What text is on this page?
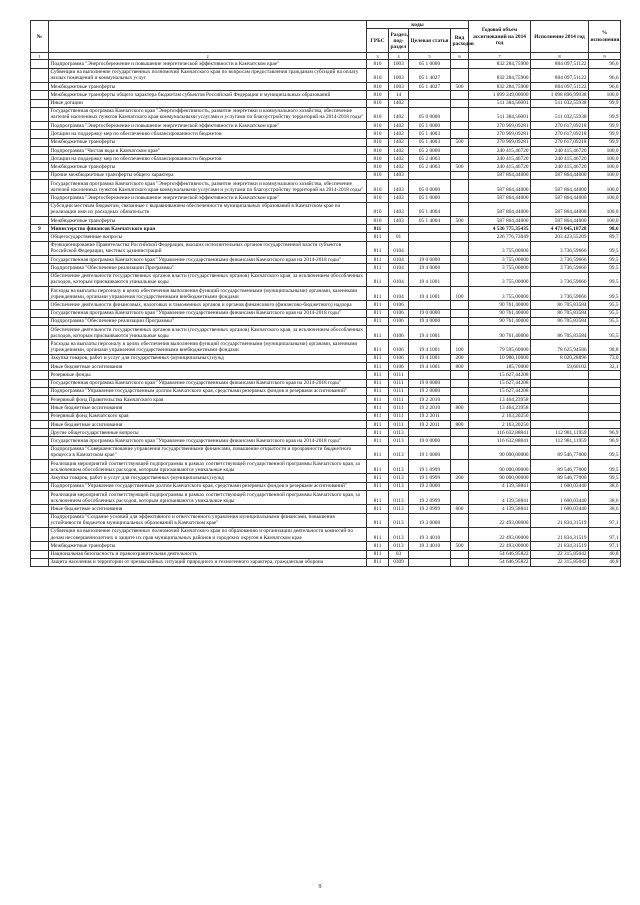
№		коды				Годовой объем ассигнований на 2014 год	Исполнение 2014 год	% исполнения
		ГРБС	Раздел, под-раздел	Целевая статья	Вид расходов			
1	2	3	4	5	6	7	8	9
	Подпрограмма "Энергосбережение и повышение энергетической эффективности в Камчатском крае"	810	1003	05 1 0000		832 284,75900	804 097,51122	96,6
	Субвенции на выполнение государственных полномочий Камчатского края по вопросам предоставления гражданам субсидий на оплату жилых помещений и коммунальных услуг	810	1003	05 1 4027		832 284,75900	804 097,51122	96,6
	Межбюджетные трансферты	810	1003	05 1 4027	500	832 284,75900	804 097,51122	96,6
	Межбюджетные трансферты общего характера бюджетам субъектов Российской Федерации и муниципальных образований	810	14			1 099 249,00000	1 098 896,99938	100,0
	Иные дотации	810	1402			511 384,56001	511 032,55938	99,9
	Государственная программа Камчатского края "Энергоэффективность, развитие энергетики и коммунального хозяйства, обеспечение жителей населенных пунктов Камчатского края коммунальными услугами и услугами по благоустройству территорий на 2014-2018 годы"	810	1402	05 0 0000		511 384,56001	511 032,55938	99,9
	Подпрограмма "Энергосбережение и повышение энергетической эффективности в Камчатском крае"	810	1402	05 1 0000		270 969,09281	270 617,09218	99,9
	Дотации на поддержку мер по обеспечению сбалансированности бюджетов	810	1402	05 1 4003		270 969,09281	270 617,09218	99,9
	Межбюджетные трансферты	810	1402	05 1 4003	500	270 969,09281	270 617,09218	99,9
	Подпрограмма "Чистая вода в Камчатском крае"	810	1402	05 2 0000		240 415,46720	240 415,46720	100,0
	Дотации на поддержку мер по обеспечению сбалансированности бюджетов	810	1402	05 2 4003		240 415,46720	240 415,46720	100,0
	Межбюджетные трансферты	810	1402	05 2 4003	500	240 415,46720	240 415,46720	100,0
	Прочие межбюджетные трансферты общего характера	810	1403			587 864,44000	587 864,44000	100,0
	Государственная программа Камчатского края "Энергоэффективность, развитие энергетики и коммунального хозяйства, обеспечение жителей населенных пунктов Камчатского края коммунальными услугами и услугами по благоустройству территорий на 2014-2018 годы"	810	1403	05 0 0000		587 864,44000	587 864,44000	100,0
	Подпрограмма "Энергосбережение и повышение энергетической эффективности в Камчатском крае"	810	1403	05 1 0000		587 864,44000	587 864,44000	100,0
	Субсидии местным бюджетам, связанные с выравниванием обеспеченности муниципальных образований в Камчатском крае по реализации ими их расходных обязательств	810	1403	05 1 4004		587 864,44000	587 864,44000	100,0
	Межбюджетные трансферты	810	1403	05 1 4004	500	587 864,44000	587 864,44000	100,0
9	Министерство финансов Камчатского края	811				4 536 775,35435	4 473 045,18728	98,6
	Общегосударственные вопросы	811	01			226 776,73049	203 423,55209	89,7
	Функционирование Правительства Российской Федерации, высших исполнительных органов государственной власти субъектов Российской Федерации, местных администраций	811	0104			3 755,00000	3 736,59666	99,5
	Государственная программа Камчатского края "Управление государственными финансами Камчатского края на 2014-2018 годы"	811	0104	19 0 0000		3 755,00000	3 736,59666	99,5
	Подпрограмма "Обеспечение реализации Программы"	811	0104	19 4 0000		3 755,00000	3 736,59666	99,5
	Обеспечение деятельности государственных органов власти (государственных органов) Камчатского края, за исключением обособленных расходов, которым присваиваются уникальные коды	811	0104	19 4 1001		3 755,00000	3 736,59666	99,5
	Расходы на выплаты персоналу в целях обеспечения выполнения функций государственными (муниципальными) органами, казенными учреждениями, органами управления государственными внебюджетными фондами	811	0104	19 4 1001	100	3 755,00000	3 736,59666	99,5
	Обеспечение деятельности финансовых, налоговых и таможенных органов и органов финансового (финансово-бюджетного) надзора	811	0106			90 761,40000	86 705,83584	95,5
	Государственная программа Камчатского края "Управление государственными финансами Камчатского края на 2014-2018 годы"	811	0106	19 0 0000		90 761,40000	86 705,83584	95,5
	Подпрограмма "Обеспечение реализации Программы"	811	0106	19 4 0000		90 761,40000	86 705,83584	95,5
	Обеспечение деятельности государственных органов власти (государственных органов) Камчатского края, за исключением обособленных расходов, которым присваиваются уникальные коды	811	0106	19 4 1001		90 761,40000	86 705,83584	95,5
	Расходы на выплаты персоналу в целях обеспечения выполнения функций государственными (муниципальными) органами, казенными учреждениями, органами управления государственными внебюджетными фондами	811	0106	19 4 1001	100	79 595,60000	78 625,94586	98,8
	Закупка товаров, работ и услуг для государственных (муниципальных) нужд	811	0106	19 4 1001	200	10 980,10000	8 020,28896	73,0
	Иные бюджетные ассигнования	811	0106	19 4 1001	800	185,70000	59,60102	32,1
	Резервные фонды	811	0111			15 627,44208		
	Государственная программа Камчатского края "Управление государственными финансами Камчатского края на 2014-2018 годы"	811	0111	19 0 0000		15 627,44208		
	Подпрограмма "Управление государственным долгом Камчатского края, средствами резервных фондов и резервами ассигнований"	811	0111	19 2 0000		15 627,44208		
	Резервный фонд Правительства Камчатского края	811	0111	19 2 2010		13 464,23958		
	Иные бюджетные ассигнования	811	0111	19 2 2010	800	13 464,23958		
	Резервный фонд Камчатского края	811	0111	19 2 2011		2 163,20250		
	Иные бюджетные ассигнования	811	0111	19 2 2011	800	2 163,20250		
	Другие общегосударственные вопросы	811	0113			116 632,88841	112 981,11959	96,9
	Государственная программа Камчатского края "Управление государственными финансами Камчатского края на 2014-2018 годы"	811	0113	19 0 0000		116 632,88841	112 981,11959	96,9
	Подпрограмма "Совершенствование управления государственными финансами, повышение открытости и прозрачности бюджетного процесса в Камчатском крае"	811	0113	19 1 0000		90 000,00000	89 546,77000	99,5
	Реализация мероприятий соответствующей подпрограммы в рамках соответствующей государственной программы Камчатского края, за исключением обособленных расходов, которым присваиваются уникальные коды	811	0113	19 1 0999		90 000,00000	89 546,77000	99,5
	Закупка товаров, работ и услуг для государственных (муниципальных) нужд	811	0113	19 1 0999	200	90 000,00000	89 546,77000	99,5
	Подпрограмма "Управление государственным долгом Камчатского края, средствами резервных фондов и резервами ассигнований"	811	0113	19 2 0000		4 139,58841	1 600,03440	38,6
	Реализация мероприятий соответствующей подпрограммы в рамках соответствующей государственной программы Камчатского края, за исключением обособленных расходов, которым присваиваются уникальные коды	811	0113	19 2 0999		4 139,58841	1 600,03440	38,6
	Иные бюджетные ассигнования	811	0113	19 2 0999	800	4 139,58841	1 600,03440	38,6
	Подпрограмма "Создание условий для эффективного и ответственного управления муниципальными финансами, повышения устойчивости бюджетов муниципальных образований в Камчатском крае"	811	0113	19 3 0000		22 493,00000	21 834,31519	97,1
	Субвенции на выполнение государственных полномочий Камчатского края по образованию и организации деятельности комиссий по делам несовершеннолетних и защите их прав муниципальных районов и городских округов в Камчатском крае	811	0113	19 3 4010		22 493,00000	21 834,31519	97,1
	Межбюджетные трансферты	811	0113	19 3 4010	500	22 493,00000	21 834,31519	97,1
	Национальная безопасность и правоохранительная деятельность	811	03			54 646,95822	22 315,85042	40,8
	Защита населения и территории от чрезвычайных ситуаций природного и техногенного характера, гражданская оборона	811	0309			54 646,95822	22 315,85042	40,8
9
